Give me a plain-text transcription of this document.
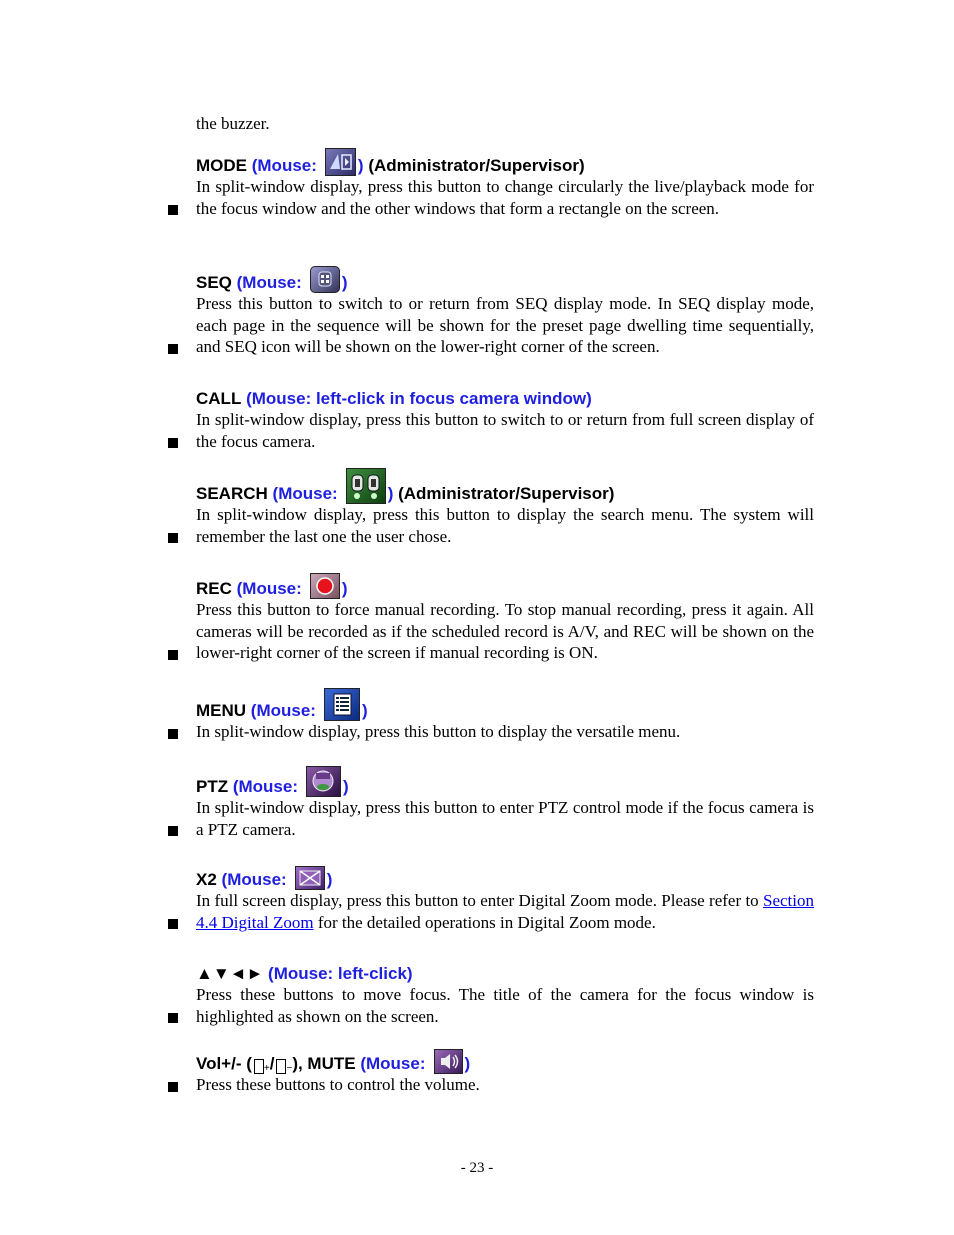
the buzzer.
MODE
(Mouse: )
(Administrator/Supervisor)
In split-window display, press this button to change circularly the live/playback mode for the focus window and the other windows that form a rectangle on the screen.
SEQ
(Mouse: )
Press this button to switch to or return from SEQ display mode. In SEQ display mode, each page in the sequence will be shown for the preset page dwelling time sequentially, and SEQ icon will be shown on the lower-right corner of the screen.
CALL
(Mouse: left-click in focus camera window)
In split-window display, press this button to switch to or return from full screen display of the focus camera.
SEARCH
(Mouse:	)
(Administrator/Supervisor)
In split-window display, press this button to display the search menu. The system will remember the last one the user chose.
REC
(Mouse: )
Press this button to force manual recording. To stop manual recording, press it again. All cameras will be recorded as if the scheduled record is A/V, and REC will be shown on the lower-right corner of the screen if manual recording is ON.
MENU
(Mouse:	)
In split-window display, press this button to display the versatile menu.
PTZ
(Mouse:	)
In split-window display, press this button to enter PTZ control mode if the focus camera is a PTZ camera.
X2
(Mouse: )
In full screen display, press this button to enter Digital Zoom mode. Please refer to Section 4.4 Digital Zoom for the detailed operations in Digital Zoom mode.
▲▼◄►
(Mouse: left-click)
Press these buttons to move focus. The title of the camera for the focus window is highlighted as shown on the screen.
Vol+/- ( + / − ), MUTE
(Mouse: )
Press these buttons to control the volume.
- 23 -
